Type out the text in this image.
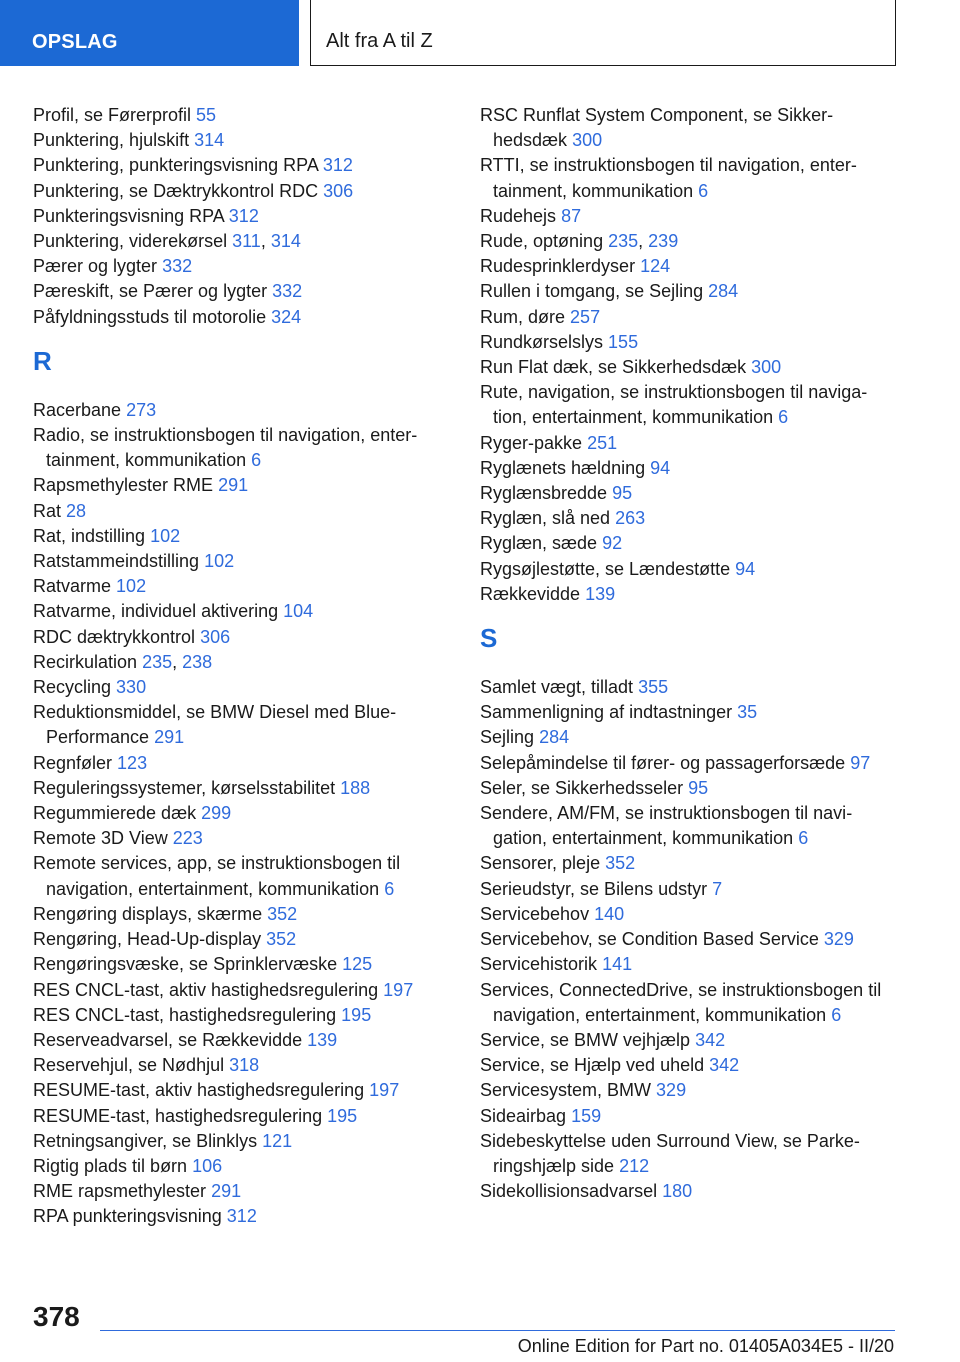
OPSLAG	Alt fra A til Z
Profil, se Førerprofil 55
Punktering, hjulskift 314
Punktering, punkteringsvisning RPA 312
Punktering, se Dæktrykkontrol RDC 306
Punkteringsvisning RPA 312
Punktering, viderekørsel 311, 314
Pærer og lygter 332
Pæreskift, se Pærer og lygter 332
Påfyldningsstuds til motorolie 324
R
Racerbane 273
Radio, se instruktionsbogen til navigation, entertainment, kommunikation 6
Rapsmethylester RME 291
Rat 28
Rat, indstilling 102
Ratstammeindstilling 102
Ratvarme 102
Ratvarme, individuel aktivering 104
RDC dæktrykkontrol 306
Recirkulation 235, 238
Recycling 330
Reduktionsmiddel, se BMW Diesel med BluePerformance 291
Regnføler 123
Reguleringssystemer, kørselsstabilitet 188
Regummierede dæk 299
Remote 3D View 223
Remote services, app, se instruktionsbogen til navigation, entertainment, kommunikation 6
Rengøring displays, skærme 352
Rengøring, Head-Up-display 352
Rengøringsvæske, se Sprinklervæske 125
RES CNCL-tast, aktiv hastighedsregulering 197
RES CNCL-tast, hastighedsregulering 195
Reserveadvarsel, se Rækkevidde 139
Reservehjul, se Nødhjul 318
RESUME-tast, aktiv hastighedsregulering 197
RESUME-tast, hastighedsregulering 195
Retningsangiver, se Blinklys 121
Rigtig plads til børn 106
RME rapsmethylester 291
RPA punkteringsvisning 312
RSC Runflat System Component, se Sikkerhedsdæk 300
RTTI, se instruktionsbogen til navigation, entertainment, kommunikation 6
Rudehejs 87
Rude, optøning 235, 239
Rudesprinklerdyser 124
Rullen i tomgang, se Sejling 284
Rum, døre 257
Rundkørselslys 155
Run Flat dæk, se Sikkerhedsdæk 300
Rute, navigation, se instruktionsbogen til navigation, entertainment, kommunikation 6
Ryger-pakke 251
Ryglænets hældning 94
Ryglænsbredde 95
Ryglæn, slå ned 263
Ryglæn, sæde 92
Rygsøjlestøtte, se Lændestøtte 94
Rækkevidde 139
S
Samlet vægt, tilladt 355
Sammenligning af indtastninger 35
Sejling 284
Selepåmindelse til fører- og passagerforsæde 97
Seler, se Sikkerhedsseler 95
Sendere, AM/FM, se instruktionsbogen til navigation, entertainment, kommunikation 6
Sensorer, pleje 352
Serieudstyr, se Bilens udstyr 7
Servicebehov 140
Servicebehov, se Condition Based Service 329
Servicehistorik 141
Services, ConnectedDrive, se instruktionsbogen til navigation, entertainment, kommunikation 6
Service, se BMW vejhjælp 342
Service, se Hjælp ved uheld 342
Servicesystem, BMW 329
Sideairbag 159
Sidebeskyttelse uden Surround View, se Parkeringshjælp side 212
Sidekollisionsadvarsel 180
378
Online Edition for Part no. 01405A034E5 - II/20
